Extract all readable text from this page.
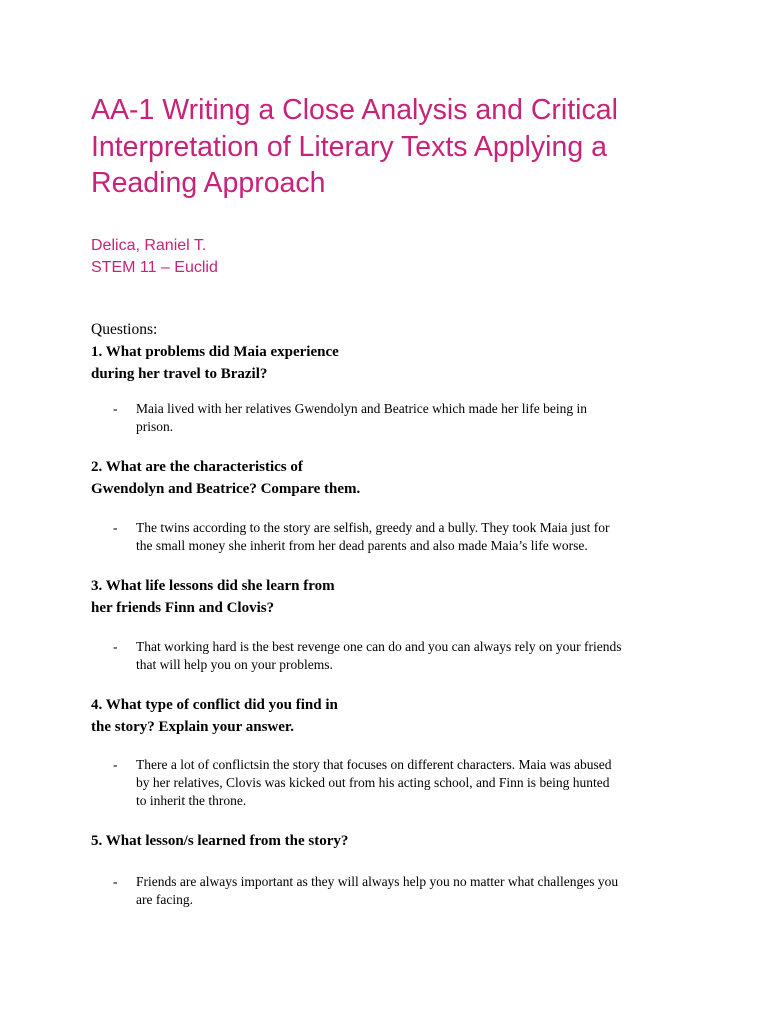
AA-1 Writing a Close Analysis and Critical
Interpretation of Literary Texts Applying a
Reading Approach
Delica, Raniel T.
STEM 11 – Euclid
Questions:
1. What problems did Maia experience
during her travel to Brazil?
- Maia lived with her relatives Gwendolyn and Beatrice which made her life being in
prison.
2. What are the characteristics of
Gwendolyn and Beatrice? Compare them.
- The twins according to the story are selfish, greedy and a bully. They took Maia just for
the small money she inherit from her dead parents and also made Maia’s life worse.
3. What life lessons did she learn from
her friends Finn and Clovis?
- That working hard is the best revenge one can do and you can always rely on your friends
that will help you on your problems.
4. What type of conflict did you find in
the story? Explain your answer.
- There a lot of conflictsin the story that focuses on different characters. Maia was abused
by her relatives, Clovis was kicked out from his acting school, and Finn is being hunted
to inherit the throne.
5. What lesson/s learned from the story?
- Friends are always important as they will always help you no matter what challenges you
are facing.
